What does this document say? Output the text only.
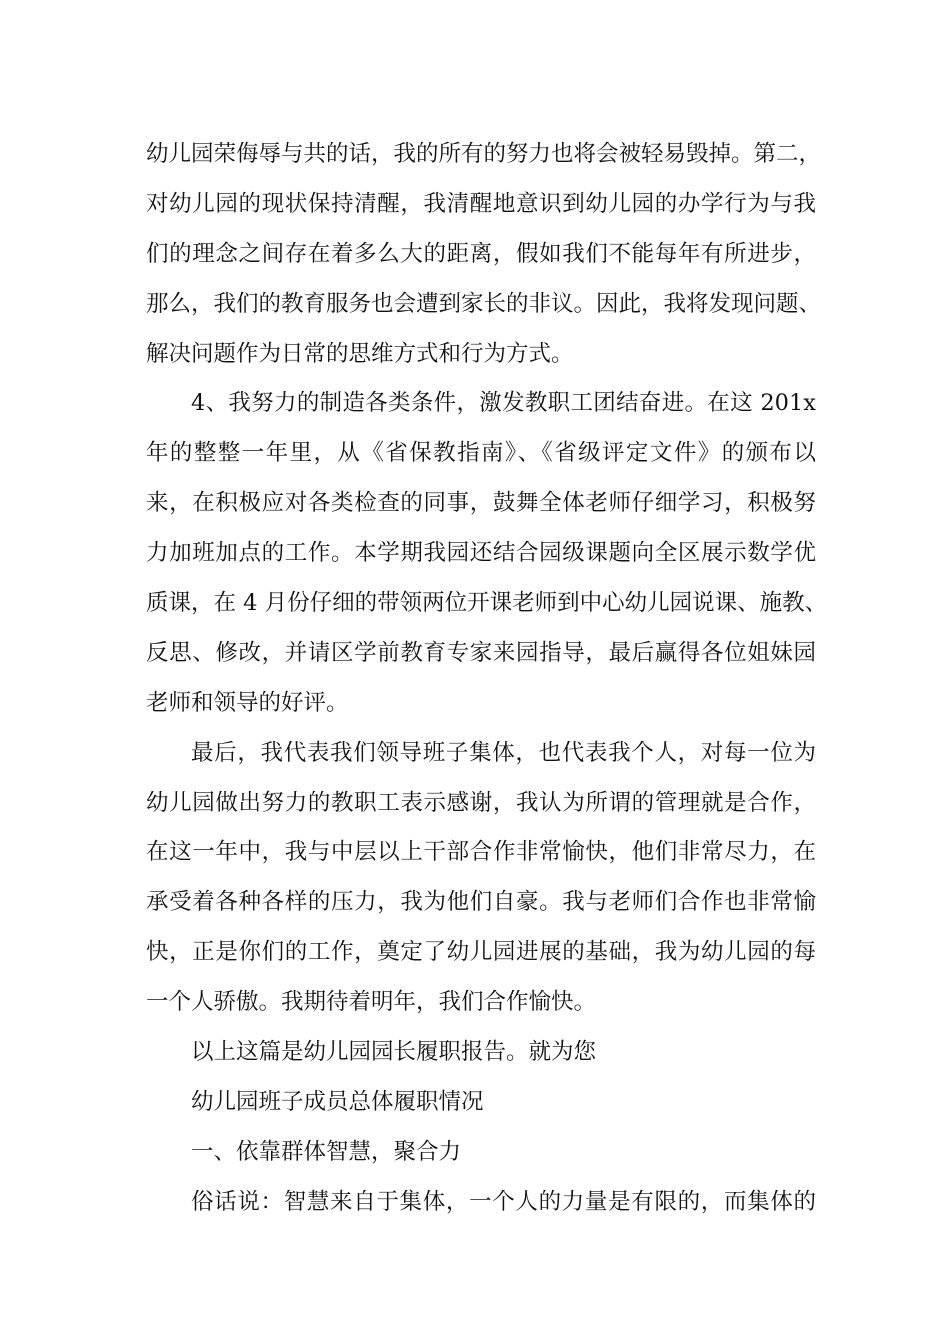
幼儿园荣侮辱与共的话，我的所有的努力也将会被轻易毁掉。第二，
对幼儿园的现状保持清醒，我清醒地意识到幼儿园的办学行为与我
们的理念之间存在着多么大的距离，假如我们不能每年有所进步，
那么，我们的教育服务也会遭到家长的非议。因此，我将发现问题、
解决问题作为日常的思维方式和行为方式。
4、我努力的制造各类条件，激发教职工团结奋进。在这 201x
年的整整一年里，从《省保教指南》、《省级评定文件》的颁布以
来，在积极应对各类检查的同事，鼓舞全体老师仔细学习，积极努
力加班加点的工作。本学期我园还结合园级课题向全区展示数学优
质课，在 4 月份仔细的带领两位开课老师到中心幼儿园说课、施教、
反思、修改，并请区学前教育专家来园指导，最后赢得各位姐妹园
老师和领导的好评。
最后，我代表我们领导班子集体，也代表我个人，对每一位为
幼儿园做出努力的教职工表示感谢，我认为所谓的管理就是合作，
在这一年中，我与中层以上干部合作非常愉快，他们非常尽力，在
承受着各种各样的压力，我为他们自豪。我与老师们合作也非常愉
快，正是你们的工作，奠定了幼儿园进展的基础，我为幼儿园的每
一个人骄傲。我期待着明年，我们合作愉快。
以上这篇是幼儿园园长履职报告。就为您
幼儿园班子成员总体履职情况
一、依靠群体智慧，聚合力
俗话说：智慧来自于集体，一个人的力量是有限的，而集体的
